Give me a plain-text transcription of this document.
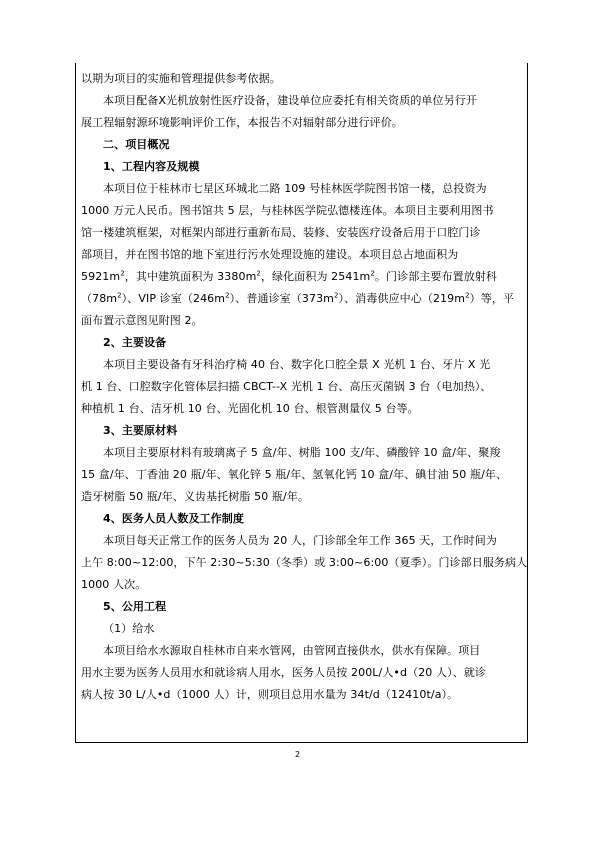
以期为项目的实施和管理提供参考依据。
本项目配备X光机放射性医疗设备，建设单位应委托有相关资质的单位另行开
展工程辐射源环境影响评价工作，本报告不对辐射部分进行评价。
二、项目概况
1、工程内容及规模
本项目位于桂林市七星区环城北二路 109 号桂林医学院图书馆一楼，总投资为
1000 万元人民币。图书馆共 5 层，与桂林医学院弘德楼连体。本项目主要利用图书
馆一楼建筑框架，对框架内部进行重新布局、装修、安装医疗设备后用于口腔门诊
部项目，并在图书馆的地下室进行污水处理设施的建设。本项目总占地面积为
$5921m^2$，其中建筑面积为 $3380m^2$，绿化面积为 $2541m^2$。门诊部主要布置放射科
$(78m^2)$、VIP 诊室$(246m^2)$、普通诊室$(373m^2)$、消毒供应中心$(219m^2)$等，平
面布置示意图见附图 2。
2、主要设备
本项目主要设备有牙科治疗椅 40 台、数字化口腔全景 X 光机 1 台、牙片 X 光
机 1 台、口腔数字化管体层扫描 CBCT--X 光机 1 台、高压灭菌锅 3 台（电加热）、
种植机 1 台、洁牙机 10 台、光固化机 10 台、根管测量仪 5 台等。
3、主要原材料
本项目主要原材料有玻璃离子 5 盒/年、树脂 100 支/年、磷酸锌 10 盒/年、聚羧
15 盒/年、丁香油 20 瓶/年、氧化锌 5 瓶/年、氢氧化钙 10 盒/年、碘甘油 50 瓶/年、
造牙树脂 50 瓶/年、义齿基托树脂 50 瓶/年。
4、医务人员人数及工作制度
本项目每天正常工作的医务人员为 20 人，门诊部全年工作 365 天，工作时间为
上午 8:00~12:00，下午 2:30~5:30（冬季）或 3:00~6:00（夏季）。门诊部日服务病人
1000 人次。
5、公用工程
（1）给水
本项目给水水源取自桂林市自来水管网，由管网直接供水，供水有保障。项目
用水主要为医务人员用水和就诊病人用水，医务人员按 200L/人•d（20 人）、就诊
病人按 30 L/人•d（1000 人）计，则项目总用水量为 34t/d（12410t/a）。
2
